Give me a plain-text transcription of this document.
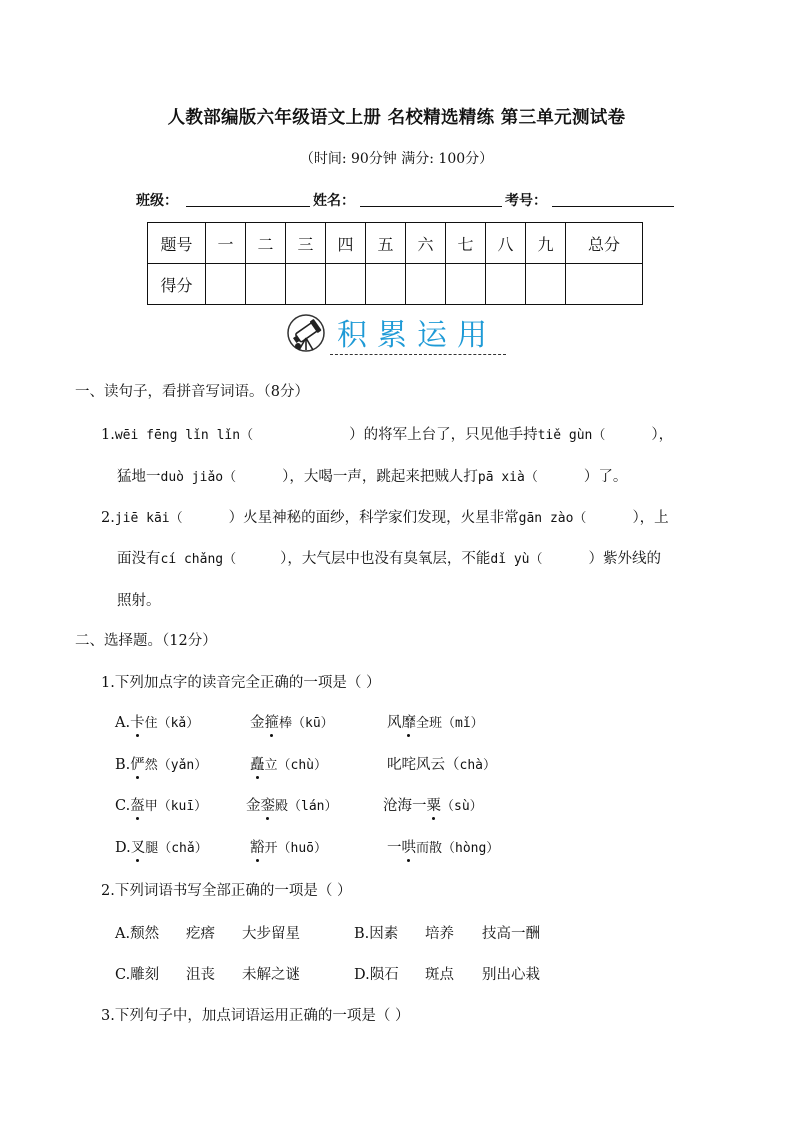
人教部编版六年级语文上册 名校精选精练 第三单元测试卷
（时间: 90分钟 满分: 100分）
班级：	姓名：	考号：
题号	一	二	三	四	五	六	七	八	九	总分
得分										
积累运用
一、读句子，看拼音写词语。（8分）
1.wēi fēng lǐn lǐn（	）的将军上台了，只见他手持tiě gùn（	），
猛地一duò jiǎo（	），大喝一声，跳起来把贼人打pā xià（	）了。
2.jiē kāi（	）火星神秘的面纱，科学家们发现，火星非常gān zào（	），上
面没有cí chǎng（	），大气层中也没有臭氧层，不能dǐ yù（	）紫外线的
照射。
二、选择题。（12分）
1.下列加点字的读音完全正确的一项是（ ）
A.卡住（kǎ）	金箍棒（kū）	风靡全班（mǐ）
B.俨然（yǎn）	矗立（chù）	叱咤风云（chà）
C.盔甲（kuī）	金銮殿（lán）	沧海一粟（sù）
D.叉腿（chǎ）	豁开（huō）	一哄而散（hòng）
2.下列词语书写全部正确的一项是（ ）
A.颓然 疙瘩 大步留星	B.因素 培养 技高一酬
C.雕刻 沮丧 未解之谜	D.陨石 斑点 别出心栽
3.下列句子中，加点词语运用正确的一项是（ ）
